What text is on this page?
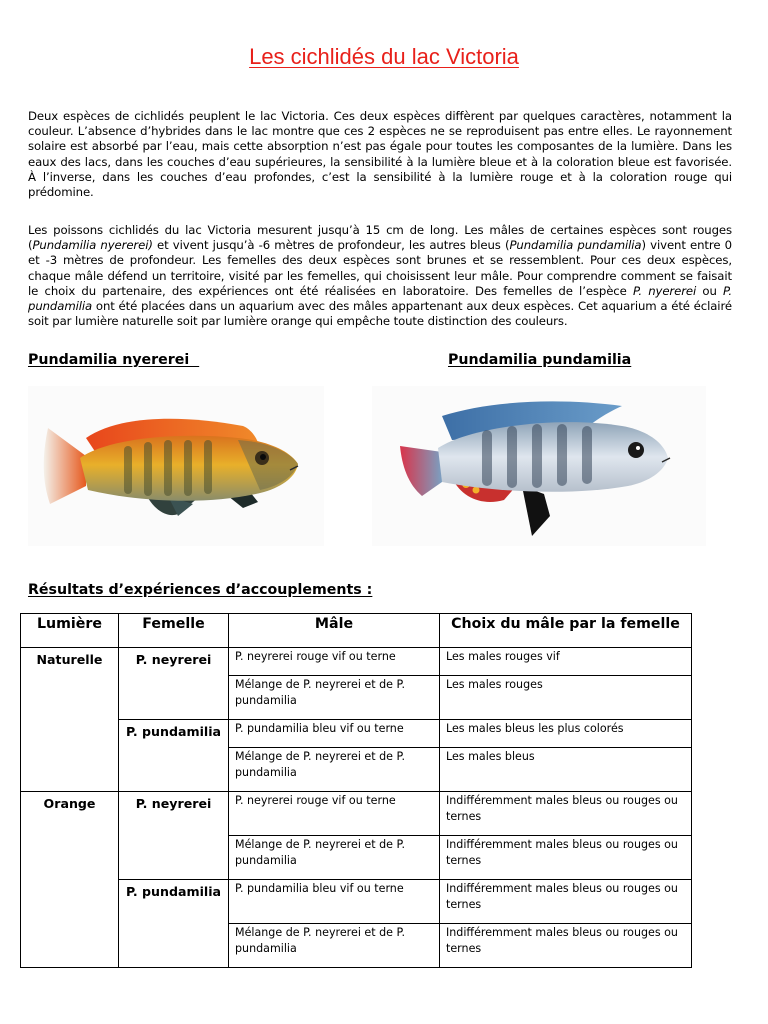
Les cichlidés du lac Victoria

Deux espèces de cichlidés peuplent le lac Victoria. Ces deux espèces diffèrent par quelques caractères, notamment la couleur. L’absence d’hybrides dans le lac montre que ces 2 espèces ne se reproduisent pas entre elles. Le rayonnement solaire est absorbé par l’eau, mais cette absorption n’est pas égale pour toutes les composantes de la lumière. Dans les eaux des lacs, dans les couches d’eau supérieures, la sensibilité à la lumière bleue et à la coloration bleue est favorisée. À l’inverse, dans les couches d’eau profondes, c’est la sensibilité à la lumière rouge et à la coloration rouge qui prédomine.

Les poissons cichlidés du lac Victoria mesurent jusqu’à 15 cm de long. Les mâles de certaines espèces sont rouges (Pundamilia nyererei) et vivent jusqu’à -6 mètres de profondeur, les autres bleus (Pundamilia pundamilia) vivent entre 0 et -3 mètres de profondeur. Les femelles des deux espèces sont brunes et se ressemblent. Pour ces deux espèces, chaque mâle défend un territoire, visité par les femelles, qui choisissent leur mâle. Pour comprendre comment se faisait le choix du partenaire, des expériences ont été réalisées en laboratoire. Des femelles de l’espèce P. nyererei ou P. pundamilia ont été placées dans un aquarium avec des mâles appartenant aux deux espèces. Cet aquarium a été éclairé soit par lumière naturelle soit par lumière orange qui empêche toute distinction des couleurs.

Pundamilia nyererei	Pundamilia pundamilia
Résultats d’expériences d’accouplements :
Lumière	Femelle	Mâle	Choix du mâle par la femelle
Naturelle	P. neyrerei	P. neyrerei rouge vif ou terne	Les males rouges vif
		Mélange de P. neyrerei et de P. pundamilia	Les males rouges
	P. pundamilia	P. pundamilia bleu vif ou terne	Les males bleus les plus colorés
		Mélange de P. neyrerei et de P. pundamilia	Les males bleus
Orange	P. neyrerei	P. neyrerei rouge vif ou terne	Indifféremment males bleus ou rouges ou ternes
		Mélange de P. neyrerei et de P. pundamilia	Indifféremment males bleus ou rouges ou ternes
	P. pundamilia	P. pundamilia bleu vif ou terne	Indifféremment males bleus ou rouges ou ternes
		Mélange de P. neyrerei et de P. pundamilia	Indifféremment males bleus ou rouges ou ternes
